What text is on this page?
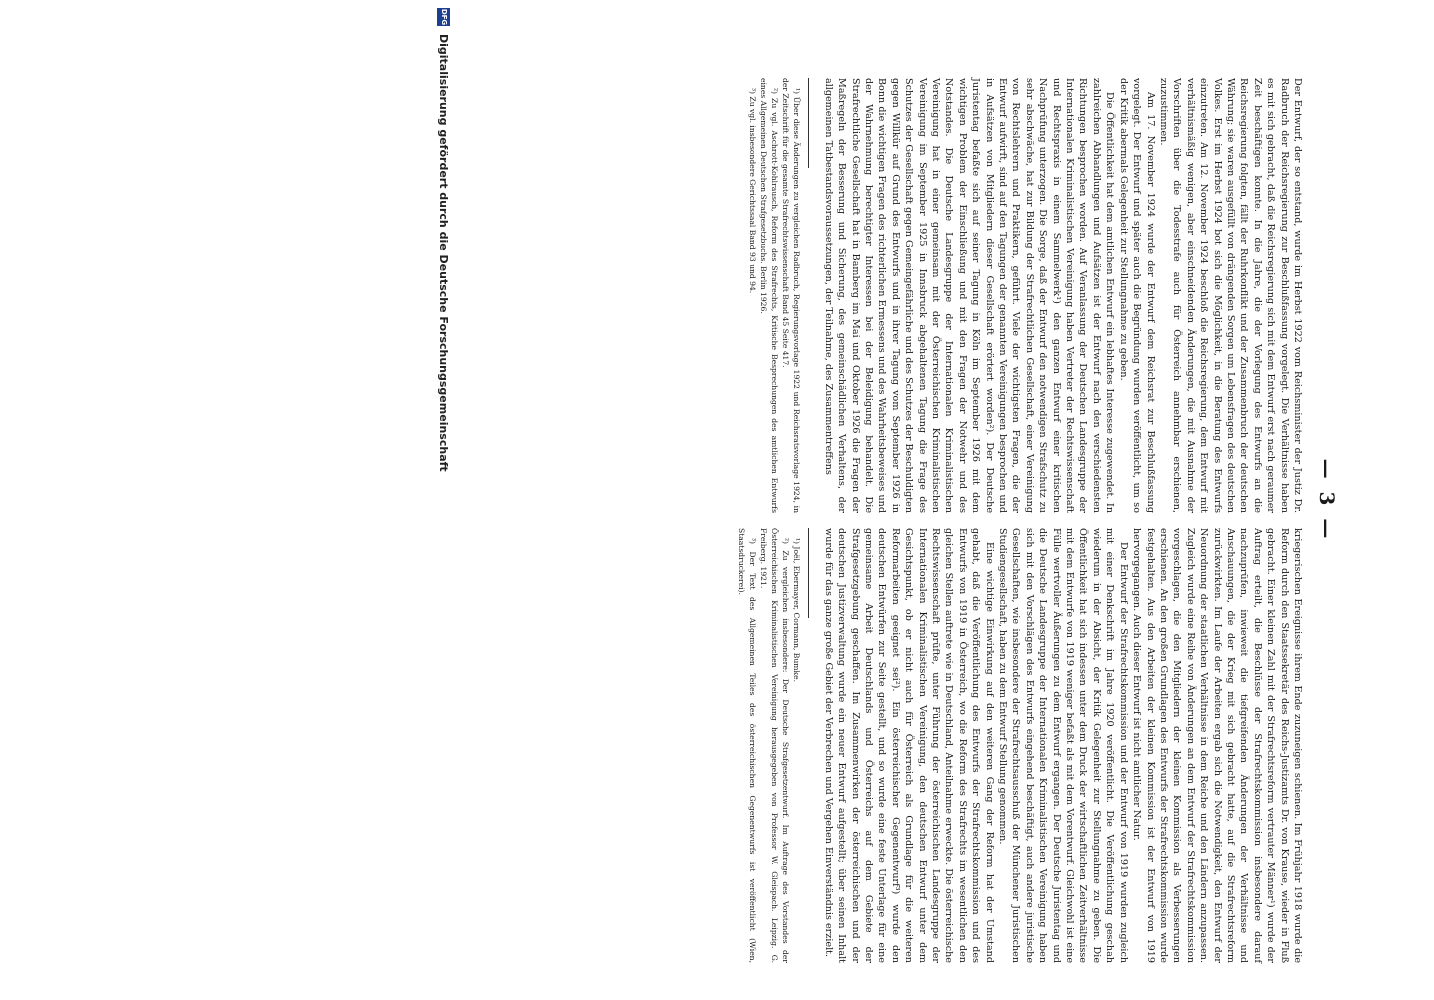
— 3 —

Der Entwurf, der so entstand, wurde im Herbst 1922 vom Reichsminister der Justiz Dr. Radbruch der Reichsregierung zur Beschlußfassung vorgelegt. Die Verhältnisse haben es mit sich gebracht, daß die Reichsregierung sich mit dem Entwurf erst nach geraumer Zeit beschäftigen konnte. In die Jahre, die der Vorlegung des Entwurfs an die Reichsregierung folgten, fällt der Ruhrkonflikt und der Zusammenbruch der deutschen Währung; sie waren ausgefüllt von drängenden Sorgen um Lebensfragen des deutschen Volkes. Erst im Herbst 1924 bot sich die Möglichkeit, in die Beratung des Entwurfs einzutreten. Am 12. November 1924 beschloß die Reichsregierung, dem Entwurf mit verhältnismäßig wenigen, aber einschneidenden Änderungen, die mit Ausnahme der Vorschriften über die Todesstrafe auch für Österreich annehmbar erschienen, zuzustimmen.

Am 17. November 1924 wurde der Entwurf dem Reichsrat zur Beschlußfassung vorgelegt. Der Entwurf und später auch die Begründung wurden veröffentlicht, um so der Kritik abermals Gelegenheit zur Stellungnahme zu geben.

Die Öffentlichkeit hat dem amtlichen Entwurf ein lebhaftes Interesse zugewendet. In zahlreichen Abhandlungen und Aufsätzen ist der Entwurf nach den verschiedensten Richtungen besprochen worden. Auf Veranlassung der Deutschen Landesgruppe der Internationalen Kriminalistischen Vereinigung haben Vertreter der Rechtswissenschaft und Rechtspraxis in einem Sammelwerk¹) den ganzen Entwurf einer kritischen Nachprüfung unterzogen. Die Sorge, daß der Entwurf den notwendigen Strafschutz zu sehr abschwäche, hat zur Bildung der Strafrechtlichen Gesellschaft, einer Vereinigung von Rechtslehrern und Praktikern, geführt. Viele der wichtigsten Fragen, die der Entwurf aufwirft, sind auf den Tagungen der genannten Vereinigungen besprochen und in Aufsätzen von Mitgliedern dieser Gesellschaft erörtert worden²). Der Deutsche Juristentag befaßte sich auf seiner Tagung in Köln im September 1926 mit dem wichtigen Problem der Einschließung und mit den Fragen der Notwehr und des Notstandes. Die Deutsche Landesgruppe der Internationalen Kriminalistischen Vereinigung hat in einer gemeinsam mit der Österreichischen Kriminalistischen Vereinigung im September 1925 in Innsbruck abgehaltenen Tagung die Frage des Schutzes der Gesellschaft gegen Gemeingefährliche und des Schutzes der Beschuldigten gegen Willkür auf Grund des Entwurfs und in ihrer Tagung vom September 1926 in Bonn die wichtigen Fragen des richterlichen Ermessens und des Wahrheitsbeweises und der Wahrnehmung berechtigter Interessen bei der Beleidigung behandelt. Die Strafrechtliche Gesellschaft hat in Bamberg im Mai und Oktober 1926 die Fragen der Maßregeln der Besserung und Sicherung, des gemeinschädlichen Verhaltens, der allgemeinen Tatbestandsvoraussetzungen, der Teilnahme, des Zusammentreffens

¹) Über diese Änderungen zu vergleichen Radbruch, Regierungsvorlage 1922 und Reichsratsvorlage 1924, in der Zeitschrift für die gesamte Strafrechtswissenschaft Band 45 Seite 417.

²) Zu vgl. Aschrott-Kohlrausch, Reform des Strafrechts, Kritische Besprechungen des amtlichen Entwurfs eines Allgemeinen Deutschen Strafgesetzbuchs. Berlin 1926.

³) Zu vgl. insbesondere Gerichtssaal Band 93 und 94.

kriegerischen Ereignisse ihrem Ende zuzuneigen schienen. Im Frühjahr 1918 wurde die Reform durch den Staatssekretär des Reichs-Justizamts Dr. von Krause, wieder in Fluß gebracht. Einer kleinen Zahl mit der Strafrechtsreform vertrauter Männer¹) wurde der Auftrag erteilt, die Beschlüsse der Strafrechtskommission insbesondere darauf nachzuprüfen, inwieweit die tiefgreifenden Änderungen der Verhältnisse und Anschauungen, die der Krieg mit sich gebracht hatte, auf die Strafrechtsreform zurückwirkten. Im Laufe der Arbeiten ergab sich die Notwendigkeit, den Entwurf der Neuordnung der staatlichen Verhältnisse in dem Reiche und den Ländern anzupassen. Zugleich wurde eine Reihe von Änderungen an dem Entwurf der Strafrechtskommission vorgeschlagen, die den Mitgliedern der kleinen Kommission als Verbesserungen erschienen. An den großen Grundlagen des Entwurfs der Strafrechtskommission wurde festgehalten. Aus den Arbeiten der kleinen Kommission ist der Entwurf von 1919 hervorgegangen. Auch dieser Entwurf ist nicht amtlicher Natur.

Der Entwurf der Strafrechtskommission und der Entwurf von 1919 wurden zugleich mit einer Denkschrift im Jahre 1920 veröffentlicht. Die Veröffentlichung geschah wiederum in der Absicht, der Kritik Gelegenheit zur Stellungnahme zu geben. Die Öffentlichkeit hat sich indessen unter dem Druck der wirtschaftlichen Zeitverhältnisse mit dem Entwurfe von 1919 weniger befaßt als mit dem Vorentwurf. Gleichwohl ist eine Fülle wertvoller Äußerungen zu dem Entwurf ergangen. Der Deutsche Juristentag und die Deutsche Landesgruppe der Internationalen Kriminalistischen Vereinigung haben sich mit den Vorschlägen des Entwurfs eingehend beschäftigt, auch andere juristische Gesellschaften, wie insbesondere der Strafrechtsausschuß der Münchener Juristischen Studiengesellschaft, haben zu dem Entwurf Stellung genommen.

Eine wichtige Einwirkung auf den weiteren Gang der Reform hat der Umstand gehabt, daß die Veröffentlichung des Entwurfs der Strafrechtskommission und des Entwurfs von 1919 in Österreich, wo die Reform des Strafrechts im wesentlichen den gleichen Stellen auftrete wie in Deutschland, Anteilnahme erweckte. Die österreichische Rechtswissenschaft prüfte, unter Führung der österreichischen Landesgruppe der Internationalen Kriminalistischen Vereinigung, den deutschen Entwurf unter dem Gesichtspunkt, ob er nicht auch für Österreich als Grundlage für die weiteren Reformarbeiten geeignet sei²). Ein österreichischer Gegenentwurf³) wurde den deutschen Entwürfen zur Seite gestellt, und so wurde eine feste Unterlage für eine gemeinsame Arbeit Deutschlands und Österreichs auf dem Gebiete der Strafgesetzgebung geschaffen. Im Zusammenwirken der österreichischen und der deutschen Justizverwaltung wurde ein neuer Entwurf aufgestellt; über seinen Inhalt wurde für das ganze große Gebiet der Verbrechen und Vergehen Einverständnis erzielt.

¹) Joël, Ebermayer, Cormann, Bumke.

²) Zu vergleichen insbesondere: Der Deutsche Strafgesetzentwurf. Im Auftrage des Vorstandes der Österreichischen Kriminalistischen Vereinigung herausgegeben von Professor W. Gleispach. Leipzig. G. Freiberg. 1921.

³) Der Text des Allgemeinen Teiles des österreichischen Gegenentwurfs ist veröffentlicht (Wien, Staatsdruckerei).

DFG
Digitalisierung gefördert durch die Deutsche Forschungsgemeinschaft
